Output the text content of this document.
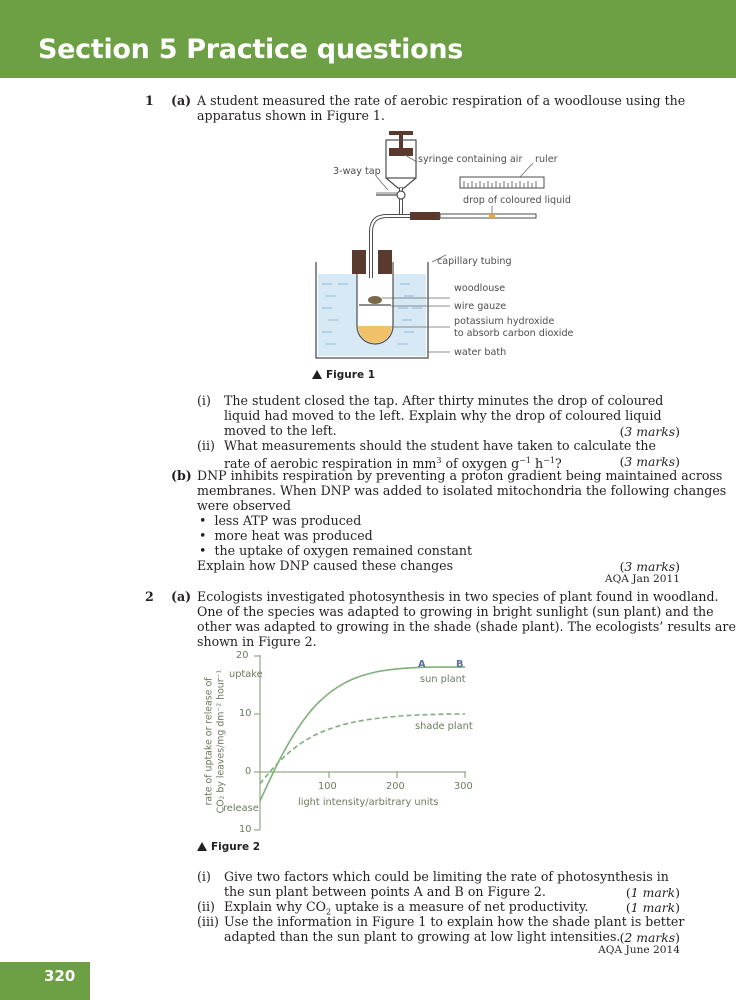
Section 5 Practice questions
1 (a) A student measured the rate of aerobic respiration of a woodlouse using the
apparatus shown in Figure 1.
syringe containing air ruler
3-way tap
drop of coloured liquid
capillary tubing
woodlouse
wire gauze
potassium hydroxide
to absorb carbon dioxide
water bath
Figure 1
(i) The student closed the tap. After thirty minutes the drop of coloured
liquid had moved to the left. Explain why the drop of coloured liquid
moved to the left.	(3 marks)
(ii) What measurements should the student have taken to calculate the
rate of aerobic respiration in $mm^3$ of oxygen $g^{-1}$ $h^{-1}$?	(3 marks)
(b) DNP inhibits respiration by preventing a proton gradient being maintained across
membranes. When DNP was added to isolated mitochondria the following changes
were observed
•  less ATP was produced
•  more heat was produced
•  the uptake of oxygen remained constant
Explain how DNP caused these changes	(3 marks)
AQA Jan 2011
2 (a) Ecologists investigated photosynthesis in two species of plant found in woodland.
One of the species was adapted to growing in bright sunlight (sun plant) and the
other was adapted to growing in the shade (shade plant). The ecologists’ results are
shown in Figure 2.
20
10
0
10
uptake
release
100	200	300
light intensity/arbitrary units
A	B
sun plant
shade plant
rate of uptake or release of CO₂ by leaves/mg dm⁻² hour⁻¹
Figure 2
(i) Give two factors which could be limiting the rate of photosynthesis in
the sun plant between points A and B on Figure 2.	(1 mark)
(ii) Explain why $CO_2$ uptake is a measure of net productivity.	(1 mark)
(iii) Use the information in Figure 1 to explain how the shade plant is better
adapted than the sun plant to growing at low light intensities. (2 marks)
AQA June 2014
320
